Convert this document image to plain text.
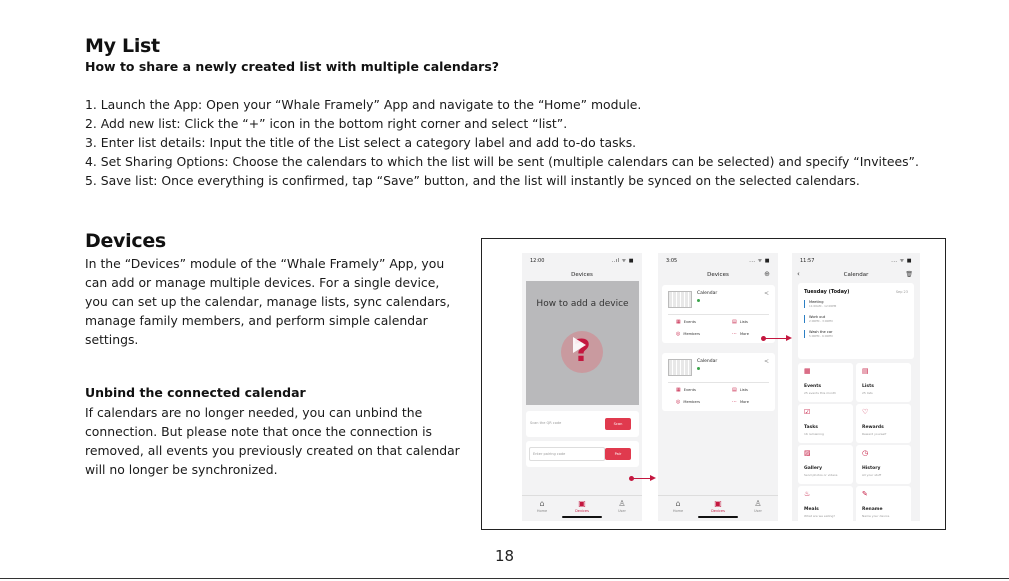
My List
How to share a newly created list with multiple calendars?
1. Launch the App: Open your “Whale Framely” App and navigate to the “Home” module.
2. Add new list: Click the “+” icon in the bottom right corner and select “list”.
3. Enter list details: Input the title of the List select a category label and add to-do tasks.
4. Set Sharing Options: Choose the calendars to which the list will be sent (multiple calendars can be selected) and specify “Invitees”.
5. Save list: Once everything is confirmed, tap “Save” button, and the list will instantly be synced on the selected calendars.
Devices
In the “Devices” module of the “Whale Framely” App, you can add or manage multiple devices. For a single device, you can set up the calendar, manage lists, sync calendars, manage family members, and perform simple calendar settings.
Unbind the connected calendar
If calendars are no longer needed, you can unbind the connection. But please note that once the connection is removed, all events you previously created on that calendar will no longer be synchronized.
12:00	..ıl ᯤ ■
Devices
How to add a device
?
Scan the QR code	Scan
Enter pairing code	Pair
⌂
Home
▣
Devices
♙
User
3:05	... ᯤ ■
Devices	⊕
Calendar	<
▦ Events	▤ Lists
◎ Members	⋯ More
Calendar	<
▦ Events	▤ Lists
◎ Members	⋯ More
⌂
Home
▣
Devices
♙
User
11:57	... ᯤ ■
‹	Calendar	🗑
Tuesday (Today)	Sep 23
Meeting
11:00AM - 12:00PM
Work out
2:00PM - 3:00PM
Wash the car
5:00PM - 6:00PM
▦
Events
25 events this month
▤
Lists
25 lists
☑
Tasks
16 remaining
♡
Rewards
Reward yourself
▨
Gallery
Send photos or videos
◷
History
All your stuff
♨
Meals
What are we eating?
✎
Rename
Name your device
18
